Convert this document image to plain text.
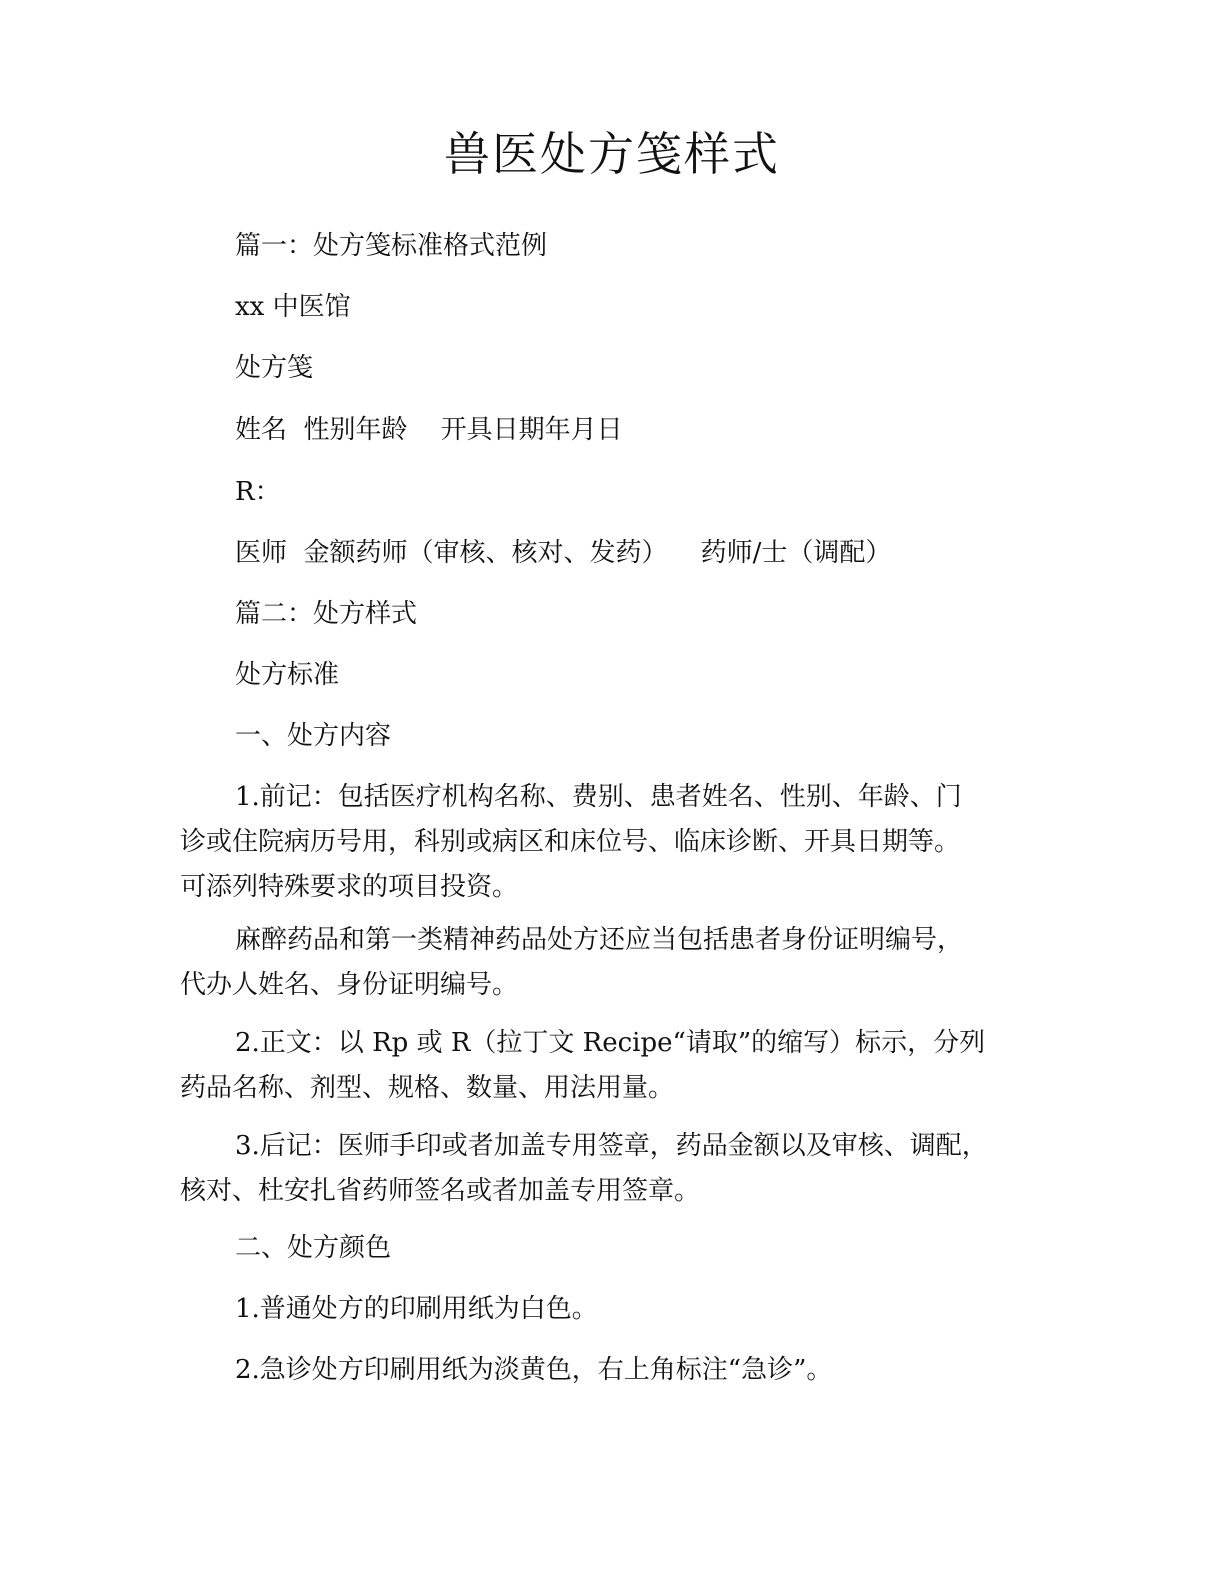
兽医处方笺样式
篇一：处方笺标准格式范例
xx 中医馆
处方笺
姓名  性别年龄    开具日期年月日
R：
医师  金额药师（审核、核对、发药）    药师/士（调配）
篇二：处方样式
处方标准
一、处方内容
1.前记：包括医疗机构名称、费别、患者姓名、性别、年龄、门
诊或住院病历号用，科别或病区和床位号、临床诊断、开具日期等。
可添列特殊要求的项目投资。
麻醉药品和第一类精神药品处方还应当包括患者身份证明编号，
代办人姓名、身份证明编号。
2.正文：以 Rp 或 R（拉丁文 Recipe“请取”的缩写）标示，分列
药品名称、剂型、规格、数量、用法用量。
3.后记：医师手印或者加盖专用签章，药品金额以及审核、调配，
核对、杜安扎省药师签名或者加盖专用签章。
二、处方颜色
1.普通处方的印刷用纸为白色。
2.急诊处方印刷用纸为淡黄色，右上角标注“急诊”。
